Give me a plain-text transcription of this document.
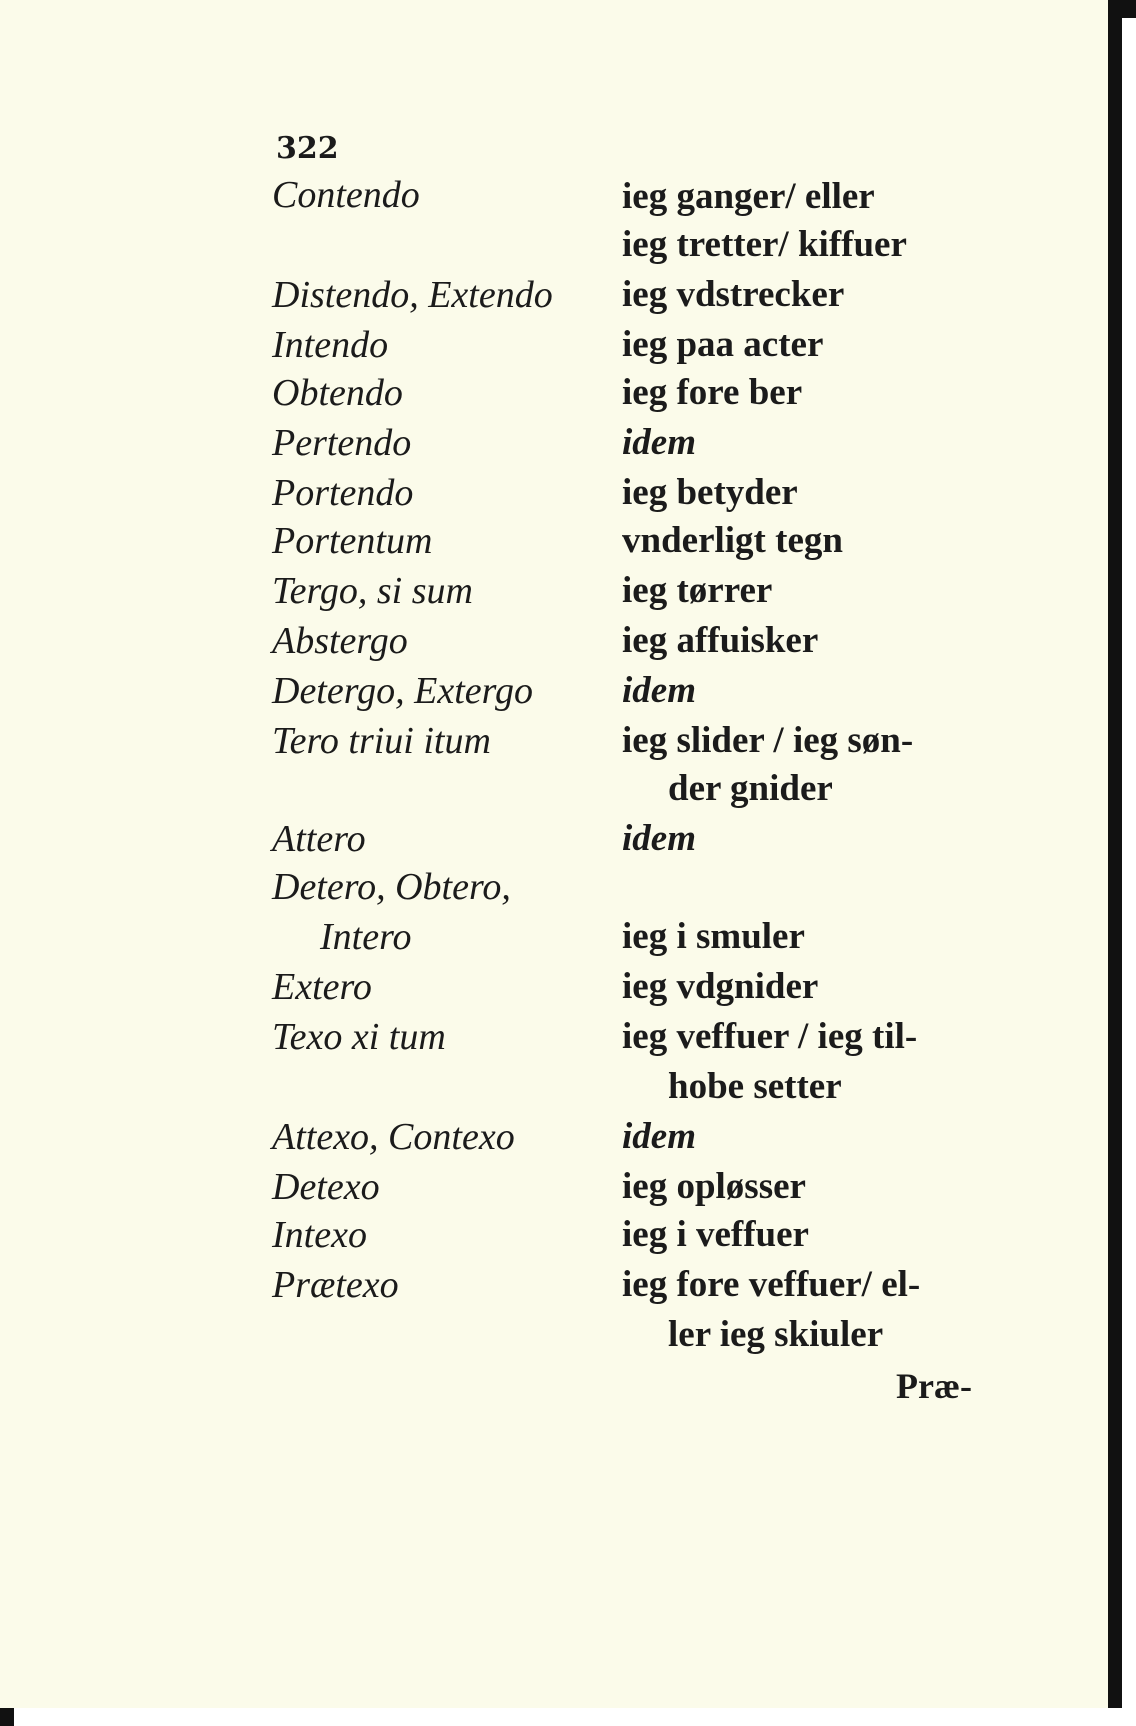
322
Contendo
Distendo, Extendo
Intendo
Obtendo
Pertendo
Portendo
Portentum
Tergo, si sum
Abstergo
Detergo, Extergo
Tero triui itum
Attero
Detero, Obtero,
Intero
Extero
Texo xi tum
Attexo, Contexo
Detexo
Intexo
Prætexo
ieg ganger/ eller
ieg tretter/ kiffuer
ieg vdstrecker
ieg paa acter
ieg fore ber
idem
ieg betyder
vnderligt tegn
ieg tørrer
ieg affuisker
idem
ieg slider / ieg søn-
der gnider
idem
ieg i smuler
ieg vdgnider
ieg veffuer / ieg til-
hobe setter
idem
ieg opløsser
ieg i veffuer
ieg fore veffuer/ el-
ler ieg skiuler
Præ-
